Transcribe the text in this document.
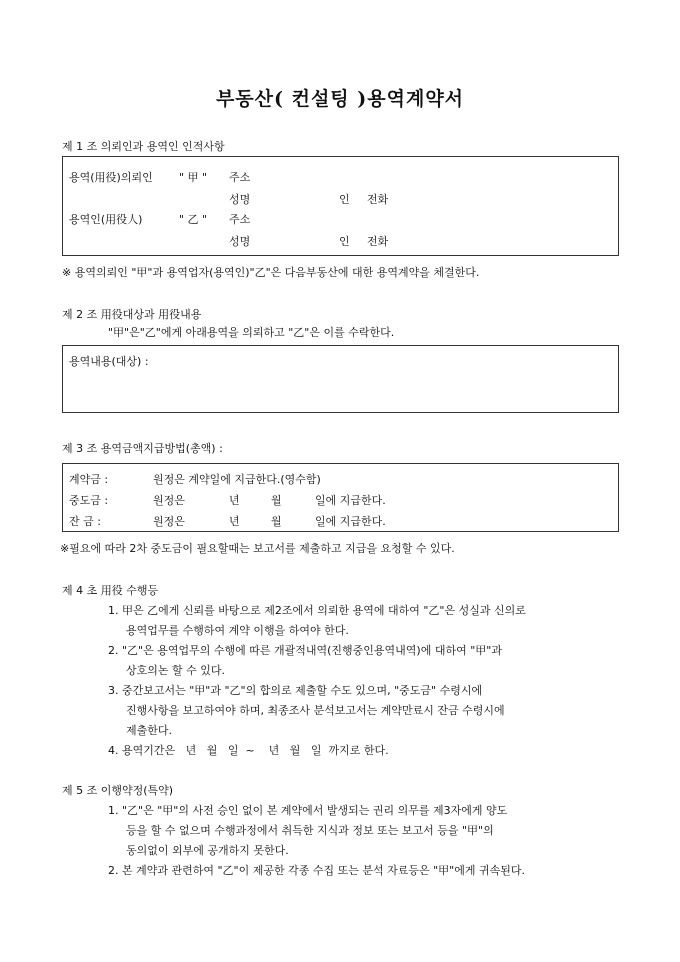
부동산( 컨설팅 )용역계약서
제 1 조 의뢰인과 용역인 인적사항
용역(用役)의뢰인 " 甲 " 주소
성명	인 전화
용역인(用役人)	" 乙 " 주소
성명	인 전화
※ 용역의뢰인 "甲"과 용역업자(용역인)"乙"은 다음부동산에 대한 용역계약을 체결한다.
제 2 조 用役대상과 用役내용
"甲"은"乙"에게 아래용역을 의뢰하고 "乙"은 이를 수락한다.
용역내용(대상) :
제 3 조 용역금액지급방법(총액) :
계약금 :	원정은 계약일에 지급한다.(영수함)
중도금 :	원정은	년	월	일에 지급한다.
잔 금 :	원정은	년	월	일에 지급한다.
※필요에 따라 2차 중도금이 필요할때는 보고서를 제출하고 지급을 요청할 수 있다.
제 4 초 用役 수행등
1. 甲은 乙에게 신뢰를 바탕으로 제2조에서 의뢰한 용역에 대하여 "乙"은 성실과 신의로
용역업무를 수행하여 계약 이행을 하여야 한다.
2. "乙"은 용역업무의 수행에 따른 개괄적내역(진행중인용역내역)에 대하여 "甲"과
상호의논 할 수 있다.
3. 중간보고서는 "甲"과 "乙"의 합의로 제출할 수도 있으며, "중도금" 수령시에
진행사항을 보고하여야 하며, 최종조사 분석보고서는 계약만료시 잔금 수령시에
제출한다.
4. 용역기간은   년   월   일  ~    년   월   일  까지로 한다.
제 5 조 이행약정(특약)
1. "乙"은 "甲"의 사전 승인 없이 본 계약에서 발생되는 권리 의무를 제3자에게 양도
등을 할 수 없으며 수행과정에서 취득한 지식과 정보 또는 보고서 등을 "甲"의
동의없이 외부에 공개하지 못한다.
2. 본 계약과 관련하여 "乙"이 제공한 각종 수집 또는 분석 자료등은 "甲"에게 귀속된다.
